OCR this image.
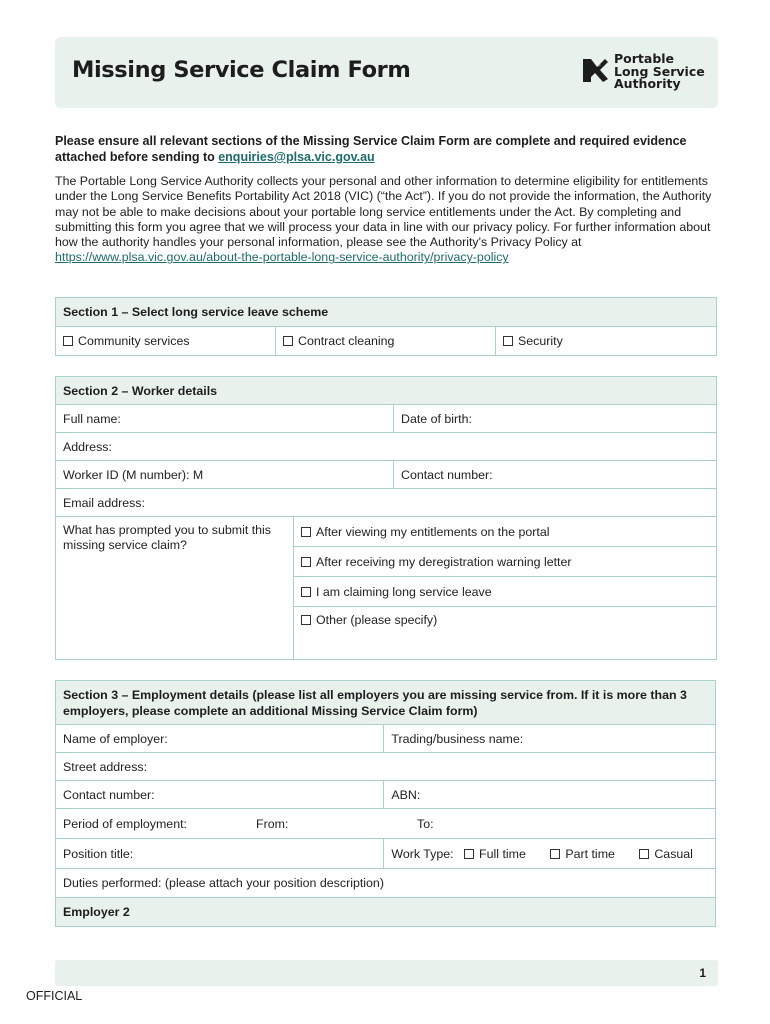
Missing Service Claim Form	Portable
Long Service
Authority
Please ensure all relevant sections of the Missing Service Claim Form are complete and required evidence attached before sending to enquiries@plsa.vic.gov.au
The Portable Long Service Authority collects your personal and other information to determine eligibility for entitlements under the Long Service Benefits Portability Act 2018 (VIC) (“the Act”). If you do not provide the information, the Authority may not be able to make decisions about your portable long service entitlements under the Act. By completing and submitting this form you agree that we will process your data in line with our privacy policy. For further information about how the authority handles your personal information, please see the Authority's Privacy Policy at https://www.plsa.vic.gov.au/about-the-portable-long-service-authority/privacy-policy
Section 1 – Select long service leave scheme
Community services	Contract cleaning	Security
Section 2 – Worker details		
Full name:		Date of birth:
Address:		
Worker ID (M number): M		Contact number:
Email address:		
What has prompted you to submit this missing service claim?	After viewing my entitlements on the portal	
	After receiving my deregistration warning letter	
	I am claiming long service leave	
	Other (please specify)	
Section 3 – Employment details (please list all employers you are missing service from. If it is more than 3 employers, please complete an additional Missing Service Claim form)	
Name of employer:	Trading/business name:
Street address:	
Contact number:	ABN:
Period of employment: From: To:	
Position title:	Work Type: Full time Part time Casual
Duties performed: (please attach your position description)	
Employer 2	
1
OFFICIAL
